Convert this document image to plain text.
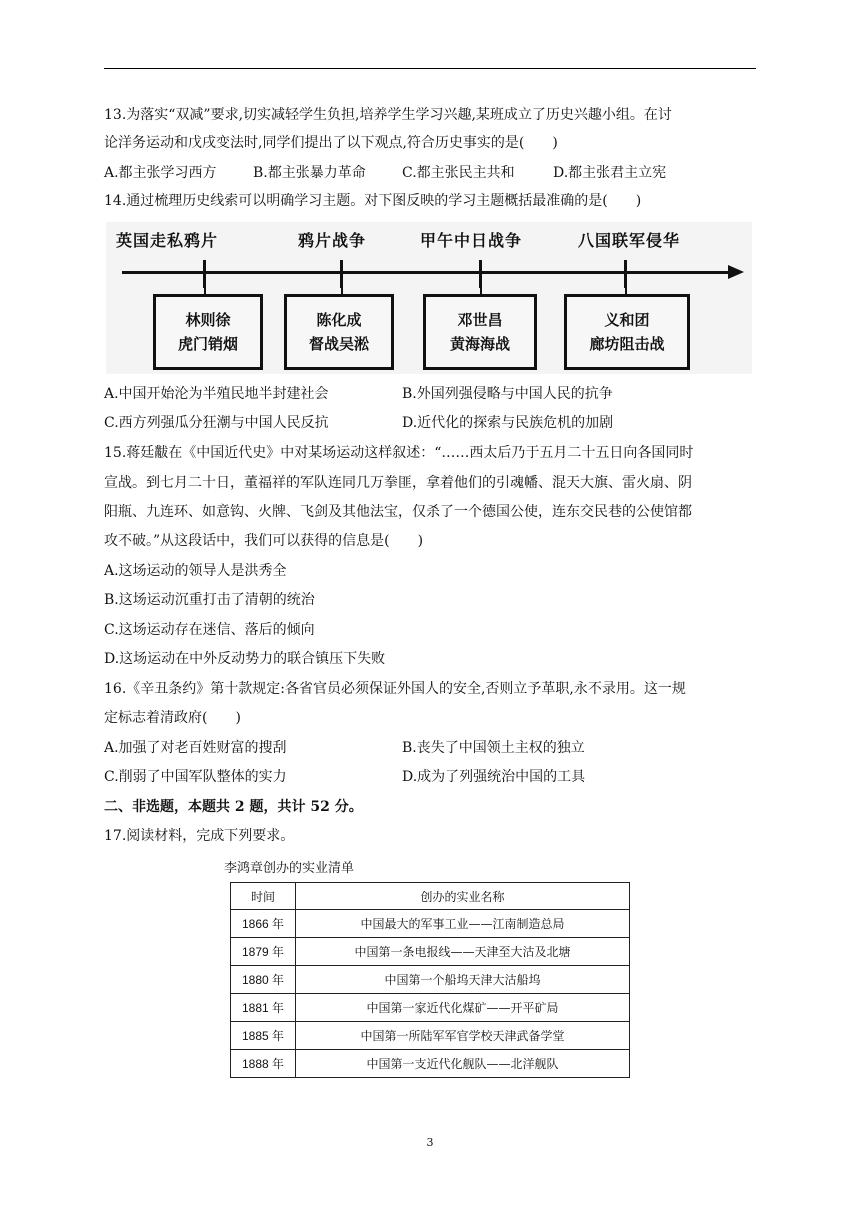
13.为落实“双减”要求,切实减轻学生负担,培养学生学习兴趣,某班成立了历史兴趣小组。在讨
论洋务运动和戊戌变法时,同学们提出了以下观点,符合历史事实的是(　　)
A.都主张学习西方	B.都主张暴力革命	C.都主张民主共和	D.都主张君主立宪
14.通过梳理历史线索可以明确学习主题。对下图反映的学习主题概括最准确的是(　　)
英国走私鸦片	鸦片战争	甲午中日战争	八国联军侵华
林则徐
虎门销烟
陈化成
督战吴淞
邓世昌
黄海海战
义和团
廊坊阻击战
A.中国开始沦为半殖民地半封建社会	B.外国列强侵略与中国人民的抗争
C.西方列强瓜分狂潮与中国人民反抗	D.近代化的探索与民族危机的加剧
15.蒋廷黻在《中国近代史》中对某场运动这样叙述：“……西太后乃于五月二十五日向各国同时
宣战。到七月二十日，董福祥的军队连同几万拳匪，拿着他们的引魂幡、混天大旗、雷火扇、阴
阳瓶、九连环、如意钩、火牌、飞剑及其他法宝，仅杀了一个德国公使，连东交民巷的公使馆都
攻不破。”从这段话中，我们可以获得的信息是(　　)
A.这场运动的领导人是洪秀全
B.这场运动沉重打击了清朝的统治
C.这场运动存在迷信、落后的倾向
D.这场运动在中外反动势力的联合镇压下失败
16.《辛丑条约》第十款规定:各省官员必须保证外国人的安全,否则立予革职,永不录用。这一规
定标志着清政府(　　)
A.加强了对老百姓财富的搜刮	B.丧失了中国领土主权的独立
C.削弱了中国军队整体的实力	D.成为了列强统治中国的工具
二、非选题，本题共 2 题，共计 52 分。
17.阅读材料，完成下列要求。
李鸿章创办的实业清单
时间	创办的实业名称
1866 年	中国最大的军事工业——江南制造总局
1879 年	中国第一条电报线——天津至大沽及北塘
1880 年	中国第一个船坞天津大沽船坞
1881 年	中国第一家近代化煤矿——开平矿局
1885 年	中国第一所陆军军官学校天津武备学堂
1888 年	中国第一支近代化舰队——北洋舰队
3
